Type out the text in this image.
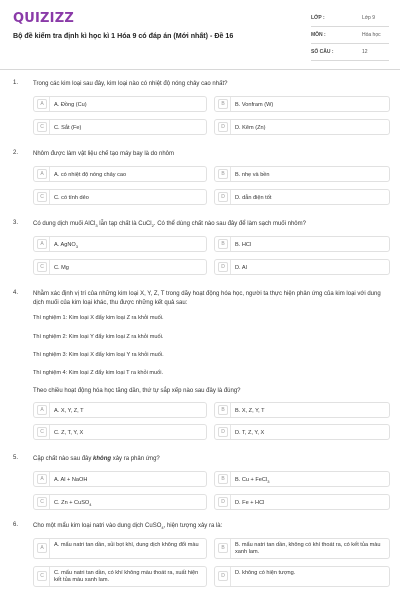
QUIZIZZ
Bộ đề kiểm tra định kì học kì 1 Hóa 9 có đáp án (Mới nhất) - Đề 16
LỚP :	Lớp 9
MÔN :	Hóa học
SỐ CÂU :	12
1. Trong các kim loại sau đây, kim loại nào có nhiệt độ nóng chảy cao nhất?
A	A. Đồng (Cu)	B	B. Vonfram (W)
C	C. Sắt (Fe)	D	D. Kẽm (Zn)
2. Nhôm được làm vật liệu chế tạo máy bay là do nhôm
A	A. có nhiệt độ nóng chảy cao	B	B. nhẹ và bền
C	C. có tính dẻo	D	D. dẫn điện tốt
3. Có dung dịch muối AlCl$_3$ lẫn tạp chất là CuCl$_2$. Có thể dùng chất nào sau đây để làm sạch muối nhôm?
A	A. AgNO$_3$	B	B. HCl
C	C. Mg	D	D. Al
4. Nhằm xác định vị trí của những kim loại X, Y, Z, T trong dãy hoạt động hóa học, người ta thực hiện phản ứng của kim loại với dung dịch muối của kim loại khác, thu được những kết quả sau:
Thí nghiệm 1: Kim loại X đẩy kim loại Z ra khỏi muối.
Thí nghiệm 2: Kim loại Y đẩy kim loại Z ra khỏi muối.
Thí nghiệm 3: Kim loại X đẩy kim loại Y ra khỏi muối.
Thí nghiệm 4: Kim loại Z đẩy kim loại T ra khỏi muối.
Theo chiều hoạt động hóa học tăng dần, thứ tự sắp xếp nào sau đây là đúng?
A	A. X, Y, Z, T	B	B. X, Z, Y, T
C	C. Z, T, Y, X	D	D. T, Z, Y, X
5. Cặp chất nào sau đây không xảy ra phản ứng?
A	A. Al + NaOH	B	B. Cu + FeCl$_3$
C	C. Zn + CuSO$_4$	D	D. Fe + HCl
6. Cho một mẩu kim loại natri vào dung dịch CuSO$_4$, hiện tượng xảy ra là:
A
A. mẩu natri tan dần, sủi bọt khí, dung dịch không đổi màu
B
B. mẩu natri tan dần, không có khí thoát ra, có kết tủa màu xanh lam.
C
C. mẩu natri tan dần, có khí không màu thoát ra, xuất hiện kết tủa màu xanh lam.
D
D. không có hiện tượng.
